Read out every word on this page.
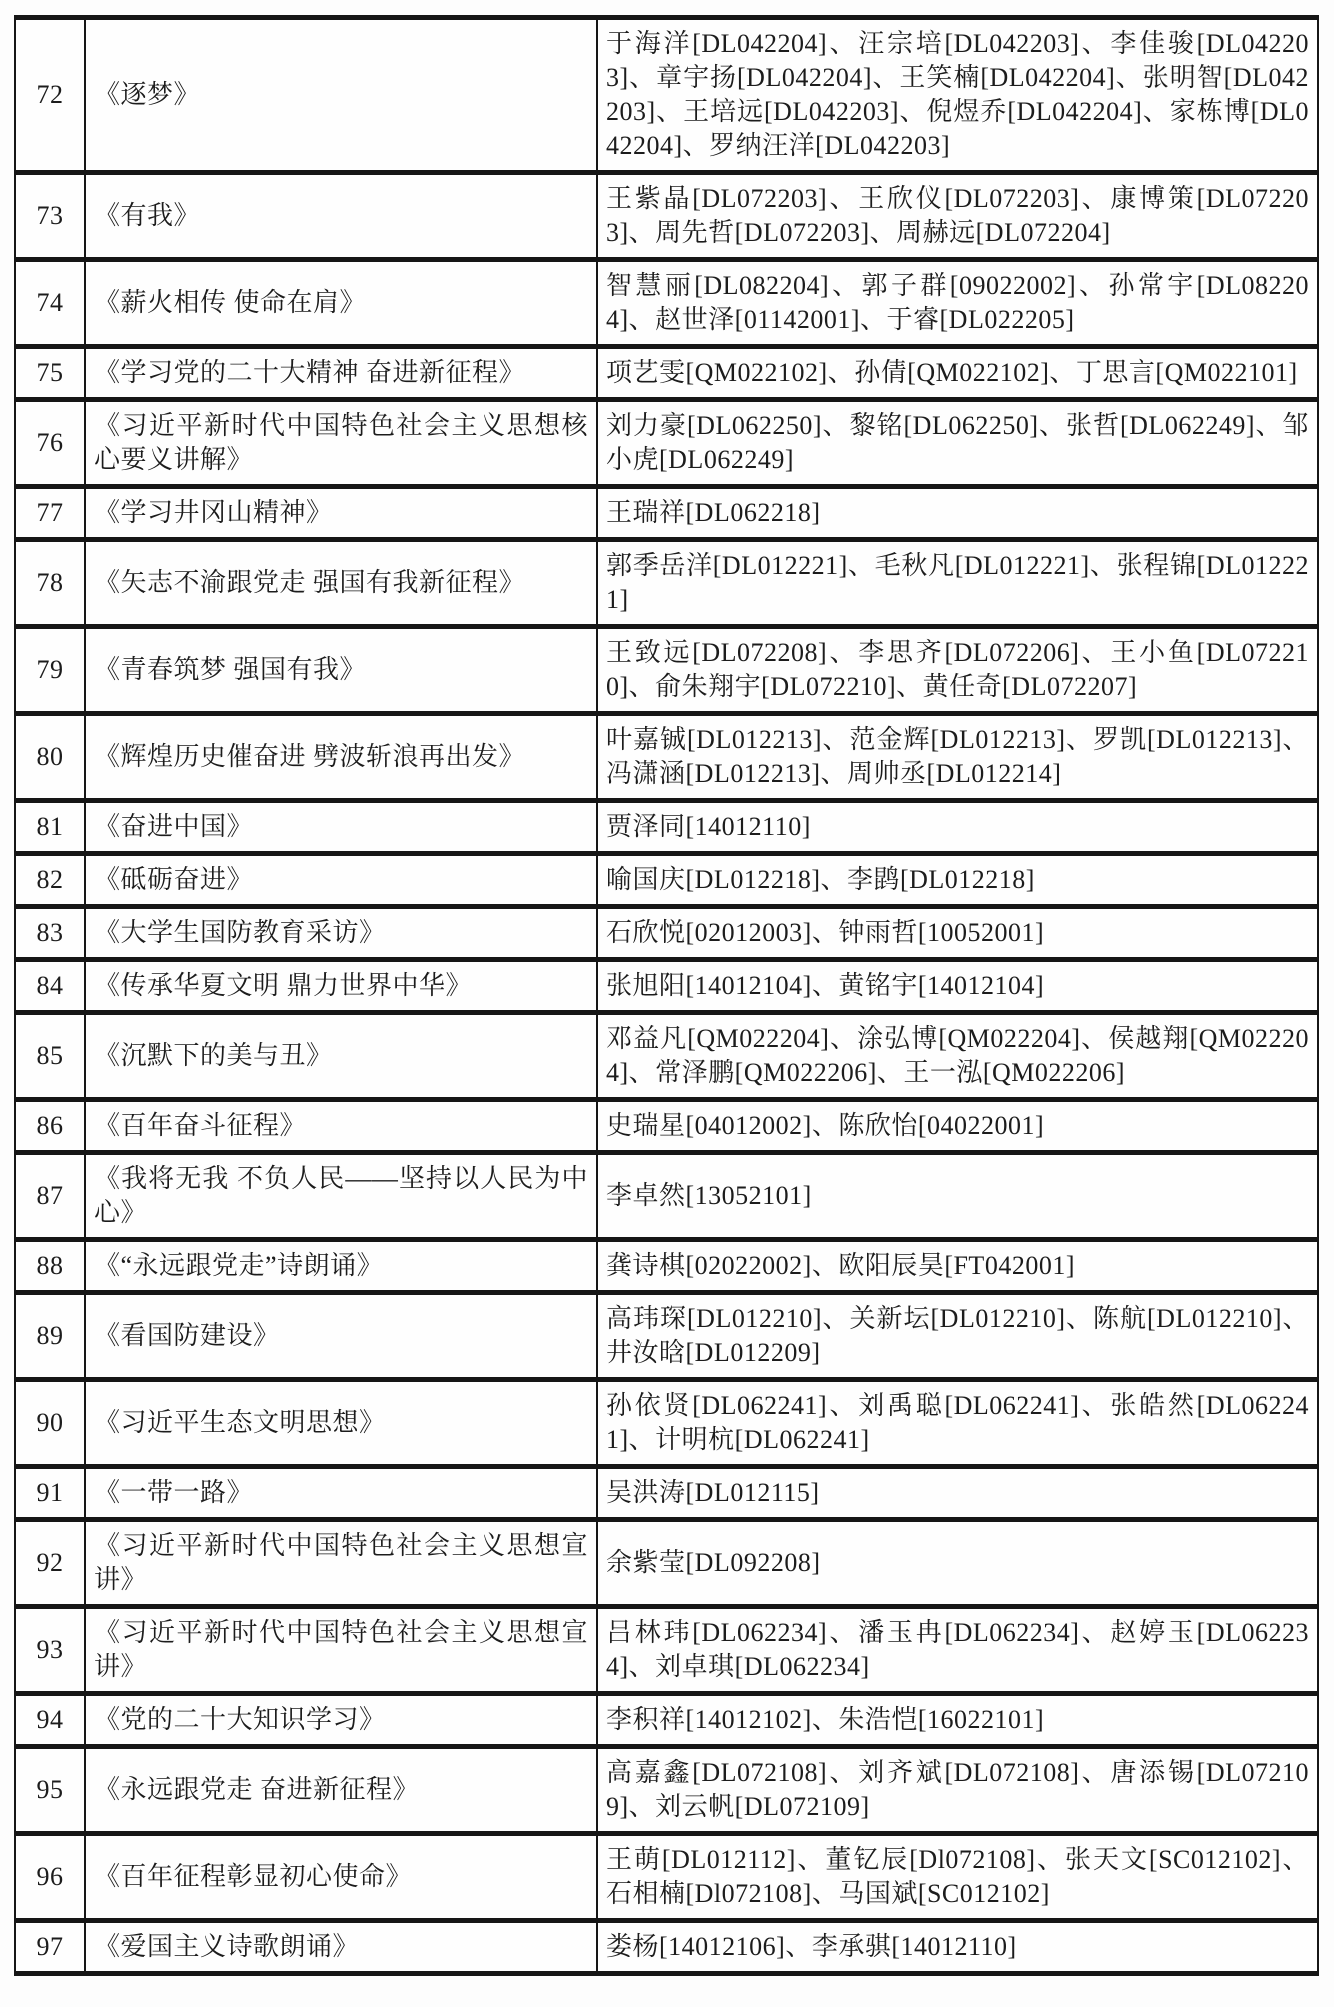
72	《逐梦》	于海洋[DL042204]、汪宗培[DL042203]、李佳骏[DL042203]、章宇扬[DL042204]、王笑楠[DL042204]、张明智[DL042203]、王培远[DL042203]、倪煜乔[DL042204]、家栋博[DL042204]、罗纳汪洋[DL042203]
73	《有我》	王紫晶[DL072203]、王欣仪[DL072203]、康博策[DL072203]、周先哲[DL072203]、周赫远[DL072204]
74	《薪火相传 使命在肩》	智慧丽[DL082204]、郭子群[09022002]、孙常宇[DL082204]、赵世泽[01142001]、于睿[DL022205]
75	《学习党的二十大精神 奋进新征程》	项艺雯[QM022102]、孙倩[QM022102]、丁思言[QM022101]
76	《习近平新时代中国特色社会主义思想核心要义讲解》	刘力豪[DL062250]、黎铭[DL062250]、张哲[DL062249]、邹小虎[DL062249]
77	《学习井冈山精神》	王瑞祥[DL062218]
78	《矢志不渝跟党走 强国有我新征程》	郭季岳洋[DL012221]、毛秋凡[DL012221]、张程锦[DL012221]
79	《青春筑梦 强国有我》	王致远[DL072208]、李思齐[DL072206]、王小鱼[DL072210]、俞朱翔宇[DL072210]、黄任奇[DL072207]
80	《辉煌历史催奋进 劈波斩浪再出发》	叶嘉铖[DL012213]、范金辉[DL012213]、罗凯[DL012213]、冯潇涵[DL012213]、周帅丞[DL012214]
81	《奋进中国》	贾泽同[14012110]
82	《砥砺奋进》	喻国庆[DL012218]、李鹍[DL012218]
83	《大学生国防教育采访》	石欣悦[02012003]、钟雨哲[10052001]
84	《传承华夏文明 鼎力世界中华》	张旭阳[14012104]、黄铭宇[14012104]
85	《沉默下的美与丑》	邓益凡[QM022204]、涂弘博[QM022204]、侯越翔[QM022204]、常泽鹏[QM022206]、王一泓[QM022206]
86	《百年奋斗征程》	史瑞星[04012002]、陈欣怡[04022001]
87	《我将无我 不负人民——坚持以人民为中心》	李卓然[13052101]
88	《“永远跟党走”诗朗诵》	龚诗棋[02022002]、欧阳辰昊[FT042001]
89	《看国防建设》	高玮琛[DL012210]、关新坛[DL012210]、陈航[DL012210]、井汝晗[DL012209]
90	《习近平生态文明思想》	孙依贤[DL062241]、刘禹聪[DL062241]、张皓然[DL062241]、计明杭[DL062241]
91	《一带一路》	吴洪涛[DL012115]
92	《习近平新时代中国特色社会主义思想宣讲》	余紫莹[DL092208]
93	《习近平新时代中国特色社会主义思想宣讲》	吕林玮[DL062234]、潘玉冉[DL062234]、赵婷玉[DL062234]、刘卓琪[DL062234]
94	《党的二十大知识学习》	李积祥[14012102]、朱浩恺[16022101]
95	《永远跟党走 奋进新征程》	高嘉鑫[DL072108]、刘齐斌[DL072108]、唐添锡[DL072109]、刘云帆[DL072109]
96	《百年征程彰显初心使命》	王萌[DL012112]、董钇辰[Dl072108]、张天文[SC012102]、石相楠[Dl072108]、马国斌[SC012102]
97	《爱国主义诗歌朗诵》	娄杨[14012106]、李承骐[14012110]
